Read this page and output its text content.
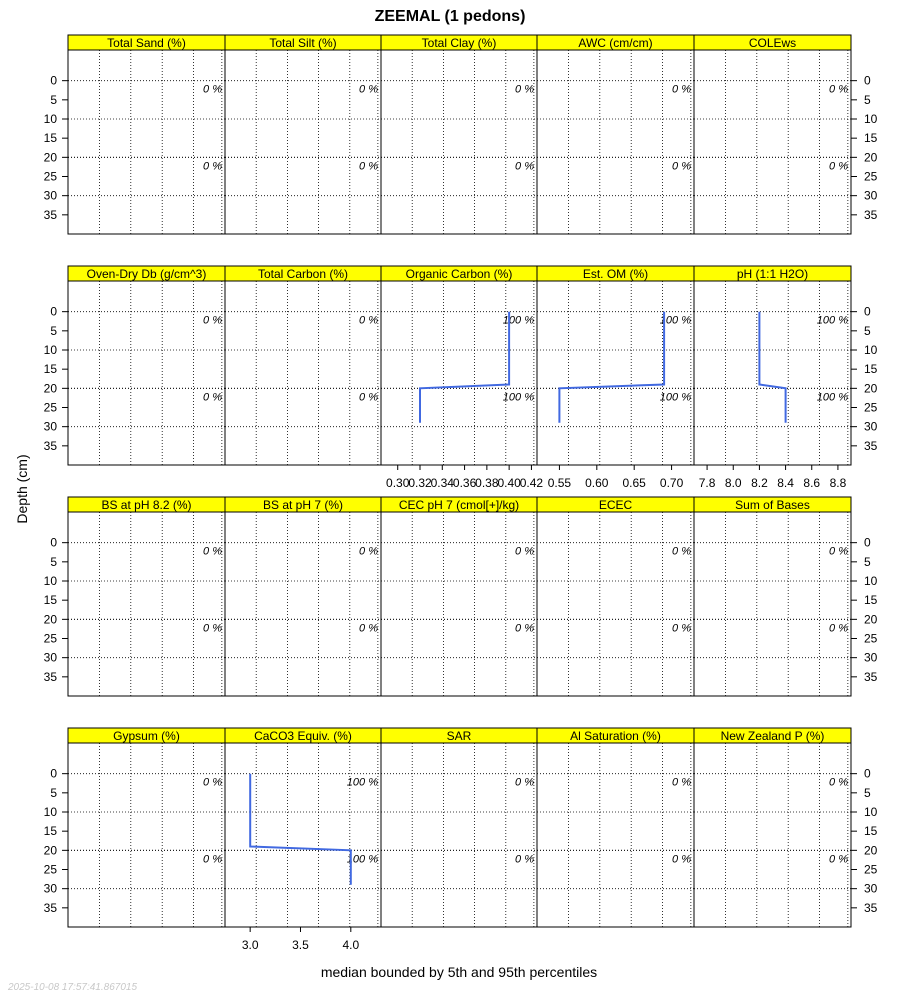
ZEEMAL (1 pedons)
0	0
5	5
10	10
15	15
20	20
25	25
30	30
35	35
0	0
5	5
10	10
15	15
20	20
25	25
30	30
35	35
0	0
5	5
10	10
15	15
20	20
25	25
30	30
35	35
0	0
5	5
10	10
15	15
20	20
25	25
30	30
35	35
Total Sand (%)
0 %
0 %
Total Silt (%)
0 %
0 %
Total Clay (%)
0 %
0 %
AWC (cm/cm)
0 %
0 %
COLEws
0 %
0 %
Oven-Dry Db (g/cm^3)
0 %
0 %
Total Carbon (%)
0 %
0 %
Organic Carbon (%)
100 %
100 %
0.30
0.32
0.34
0.36
0.38
0.40
0.42
Est. OM (%)
100 %
100 %
0.55 0.60 0.65 0.70
pH (1:1 H2O)
100 %
100 %
7.8 8.0 8.2 8.4 8.6 8.8
BS at pH 8.2 (%)
0 %
0 %
BS at pH 7 (%)
0 %
0 %
CEC pH 7 (cmol[+]/kg)
0 %
0 %
ECEC
0 %
0 %
Sum of Bases
0 %
0 %
Gypsum (%)
0 %
0 %
CaCO3 Equiv. (%)
100 %
100 %
3.0	3.5	4.0
SAR
0 %
0 %
Al Saturation (%)
0 %
0 %
New Zealand P (%)
0 %
0 %
Depth (cm)
median bounded by 5th and 95th percentiles
2025-10-08 17:57:41.867015
